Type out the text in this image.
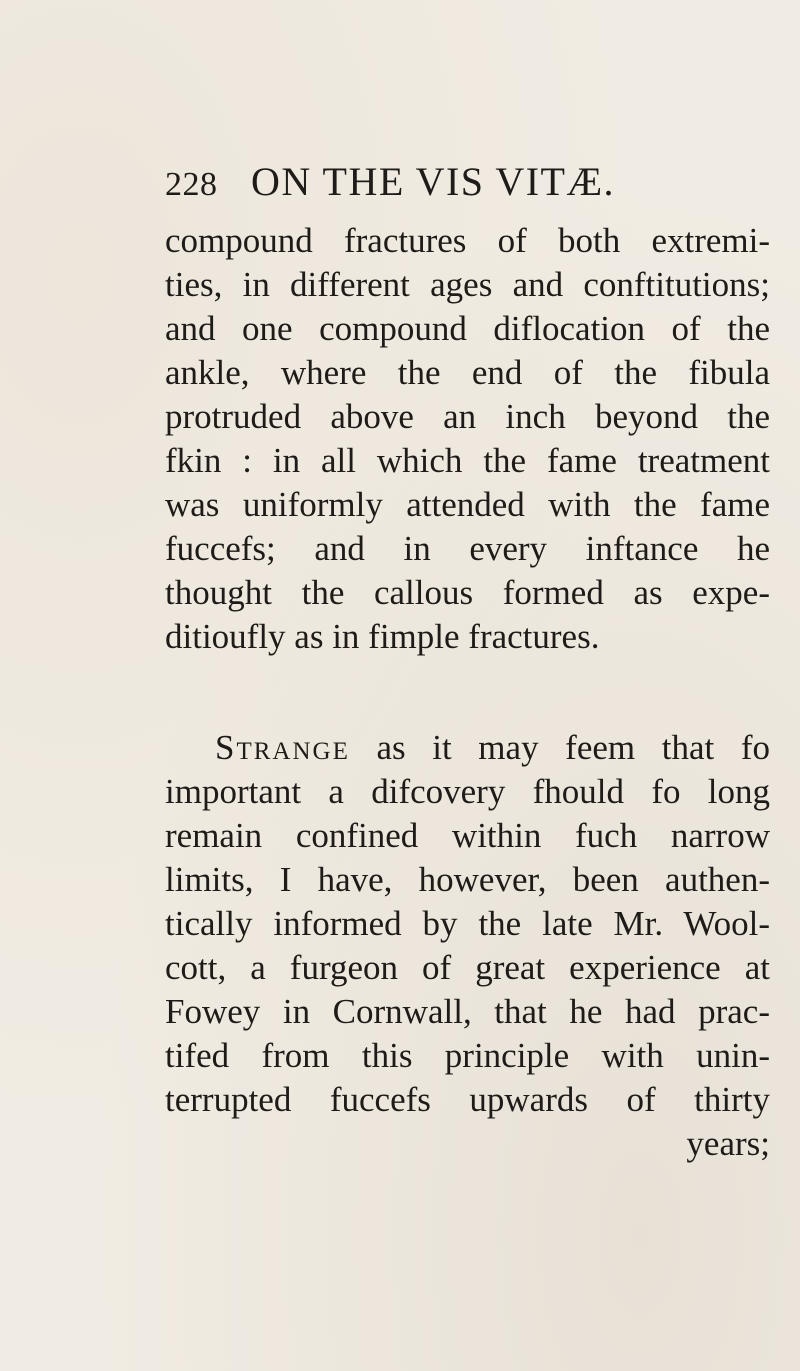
228 ON THE VIS VITÆ.
compound fractures of both extremi-
ties, in different ages and conftitutions;
and one compound diflocation of the
ankle, where the end of the fibula
protruded above an inch beyond the
fkin : in all which the fame treatment
was uniformly attended with the fame
fuccefs; and in every inftance he
thought the callous formed as expe-
ditioufly as in fimple fractures.
Strange as it may feem that fo
important a difcovery fhould fo long
remain confined within fuch narrow
limits, I have, however, been authen-
tically informed by the late Mr. Wool-
cott, a furgeon of great experience at
Fowey in Cornwall, that he had prac-
tifed from this principle with unin-
terrupted fuccefs upwards of thirty
years;
